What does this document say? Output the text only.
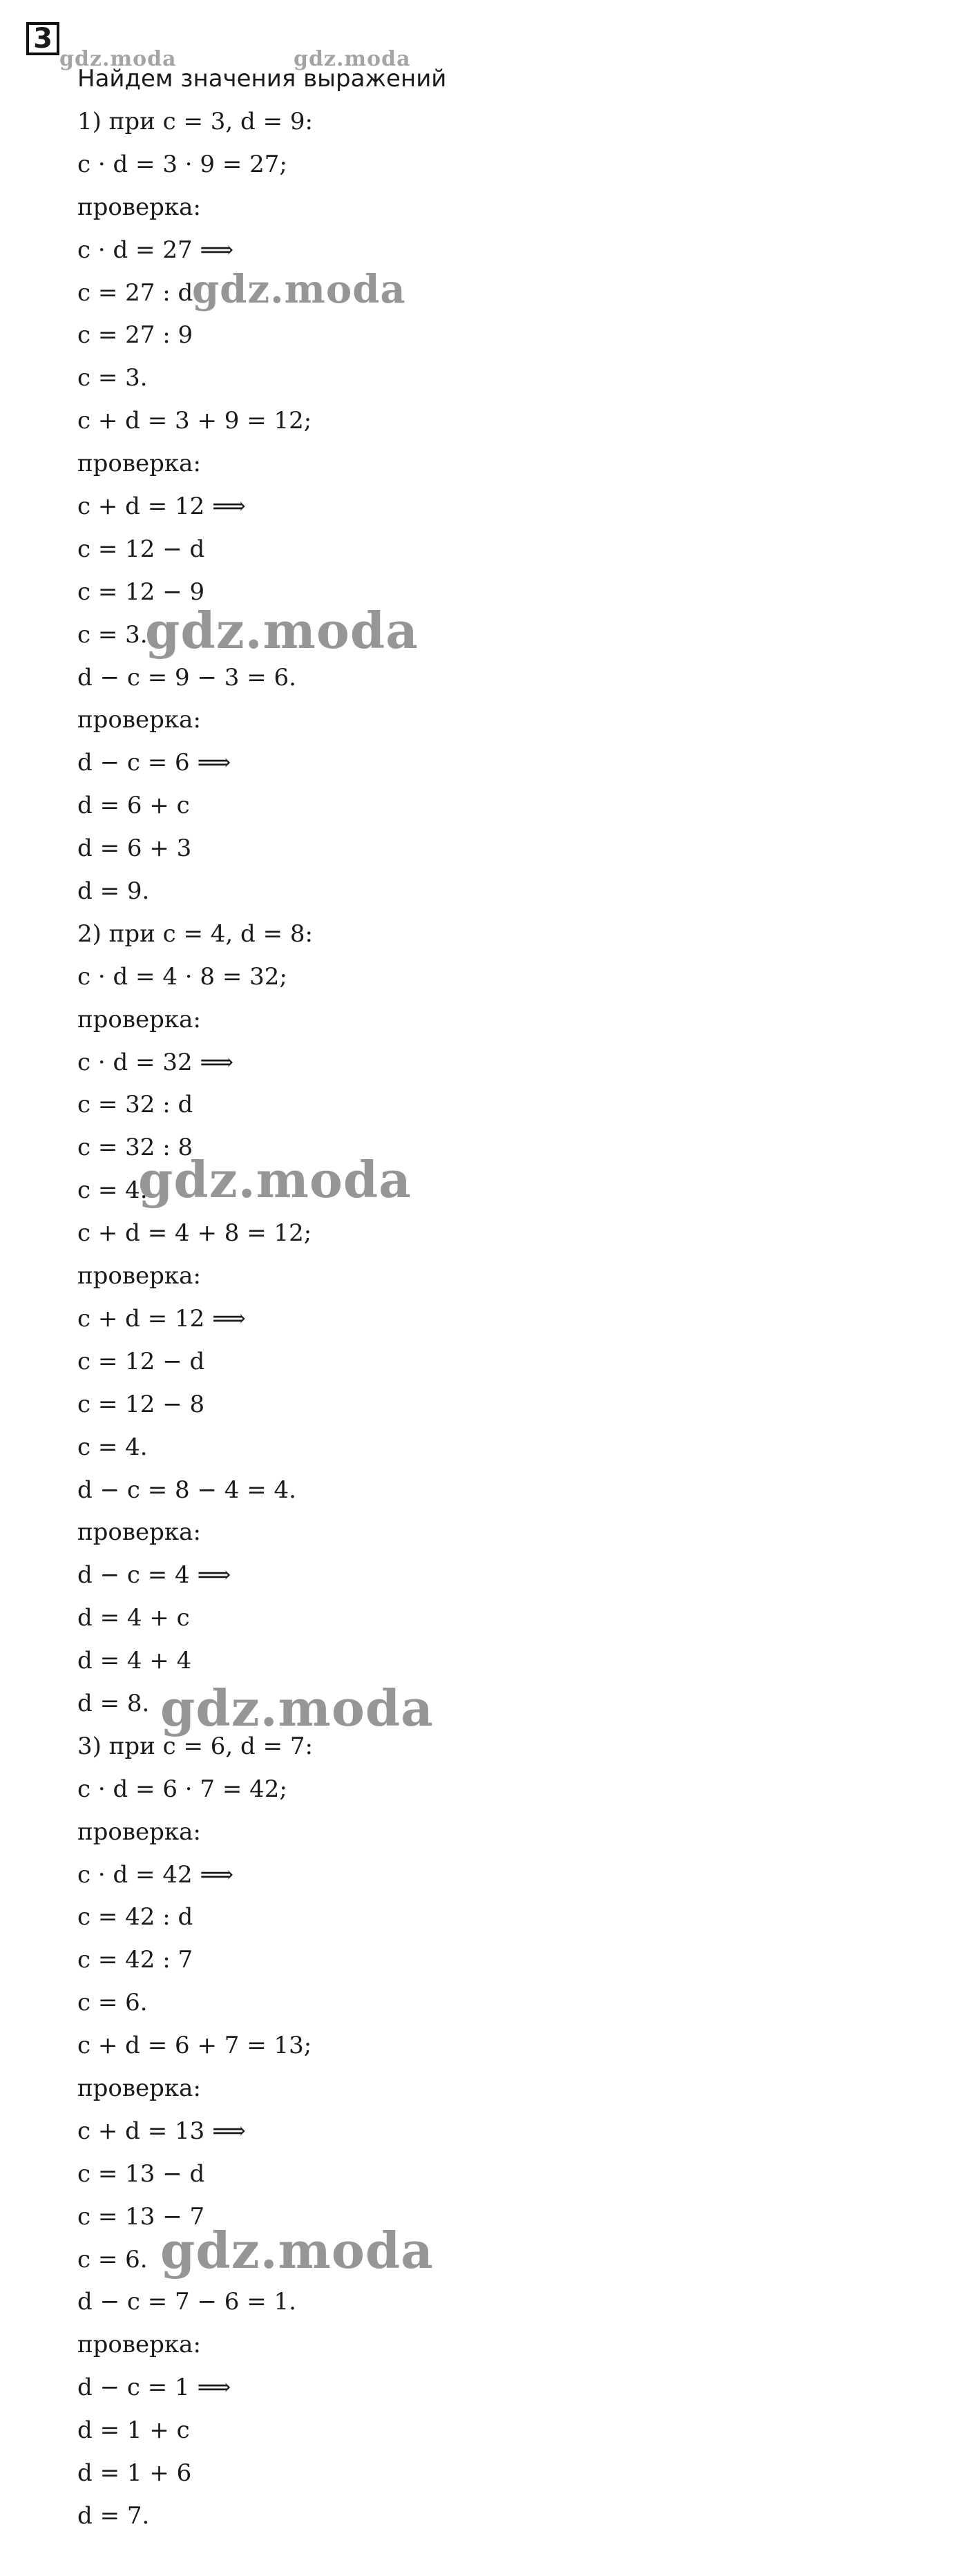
3
Найдем значения выражений
1) при c = 3, d = 9:
c · d = 3 · 9 = 27;
проверка:
c · d = 27 ⟹
c = 27 : d
c = 27 : 9
c = 3.
c + d = 3 + 9 = 12;
проверка:
c + d = 12 ⟹
c = 12 − d
c = 12 − 9
c = 3.
d − c = 9 − 3 = 6.
проверка:
d − c = 6 ⟹
d = 6 + c
d = 6 + 3
d = 9.
2) при c = 4, d = 8:
c · d = 4 · 8 = 32;
проверка:
c · d = 32 ⟹
c = 32 : d
c = 32 : 8
c = 4.
c + d = 4 + 8 = 12;
проверка:
c + d = 12 ⟹
c = 12 − d
c = 12 − 8
c = 4.
d − c = 8 − 4 = 4.
проверка:
d − c = 4 ⟹
d = 4 + c
d = 4 + 4
d = 8.
3) при c = 6, d = 7:
c · d = 6 · 7 = 42;
проверка:
c · d = 42 ⟹
c = 42 : d
c = 42 : 7
c = 6.
c + d = 6 + 7 = 13;
проверка:
c + d = 13 ⟹
c = 13 − d
c = 13 − 7
c = 6.
d − c = 7 − 6 = 1.
проверка:
d − c = 1 ⟹
d = 1 + c
d = 1 + 6
d = 7.
gdz.moda	gdz.moda
gdz.moda
gdz.moda
gdz.moda
gdz.moda
gdz.moda
